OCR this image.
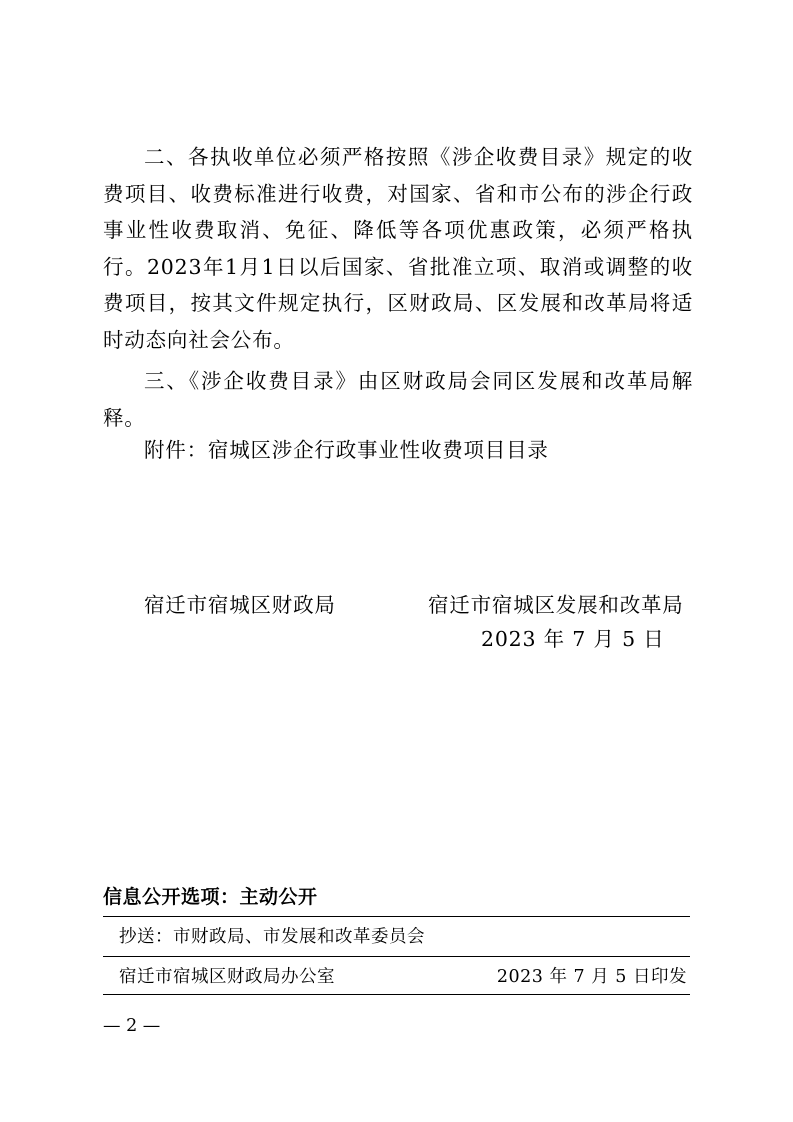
二、各执收单位必须严格按照《涉企收费目录》规定的收费项目、收费标准进行收费，对国家、省和市公布的涉企行政事业性收费取消、免征、降低等各项优惠政策，必须严格执行。2023年1月1日以后国家、省批准立项、取消或调整的收费项目，按其文件规定执行，区财政局、区发展和改革局将适时动态向社会公布。

三、《涉企收费目录》由区财政局会同区发展和改革局解释。

附件：宿城区涉企行政事业性收费项目目录
宿迁市宿城区财政局	宿迁市宿城区发展和改革局
2023 年 7 月 5 日
信息公开选项：主动公开
抄送：市财政局、市发展和改革委员会
宿迁市宿城区财政局办公室	2023 年 7 月 5 日印发
— 2 —
